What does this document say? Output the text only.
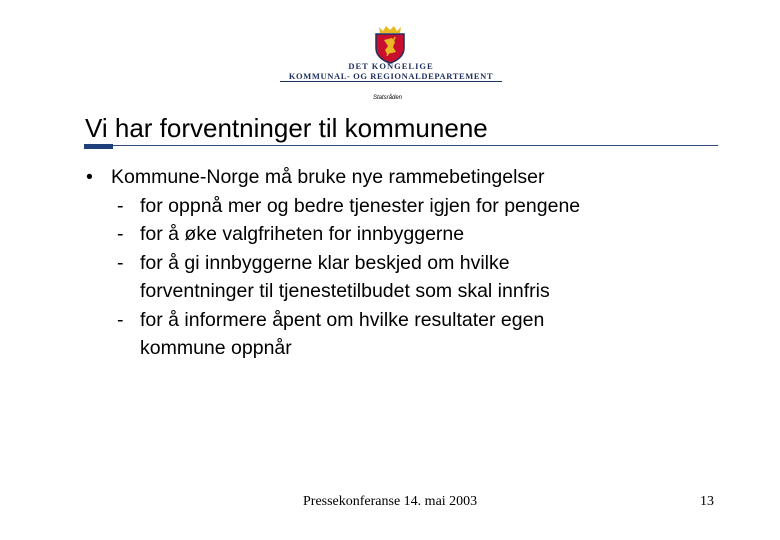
DET KONGELIGE
KOMMUNAL- OG REGIONALDEPARTEMENT
Statsråden
Vi har forventninger til kommunene
• Kommune-Norge må bruke nye rammebetingelser
- for oppnå mer og bedre tjenester igjen for pengene
- for å øke valgfriheten for innbyggerne
- for å gi innbyggerne klar beskjed om hvilke
forventninger til tjenestetilbudet som skal innfris
- for å informere åpent om hvilke resultater egen
kommune oppnår
Pressekonferanse 14. mai 2003	13
